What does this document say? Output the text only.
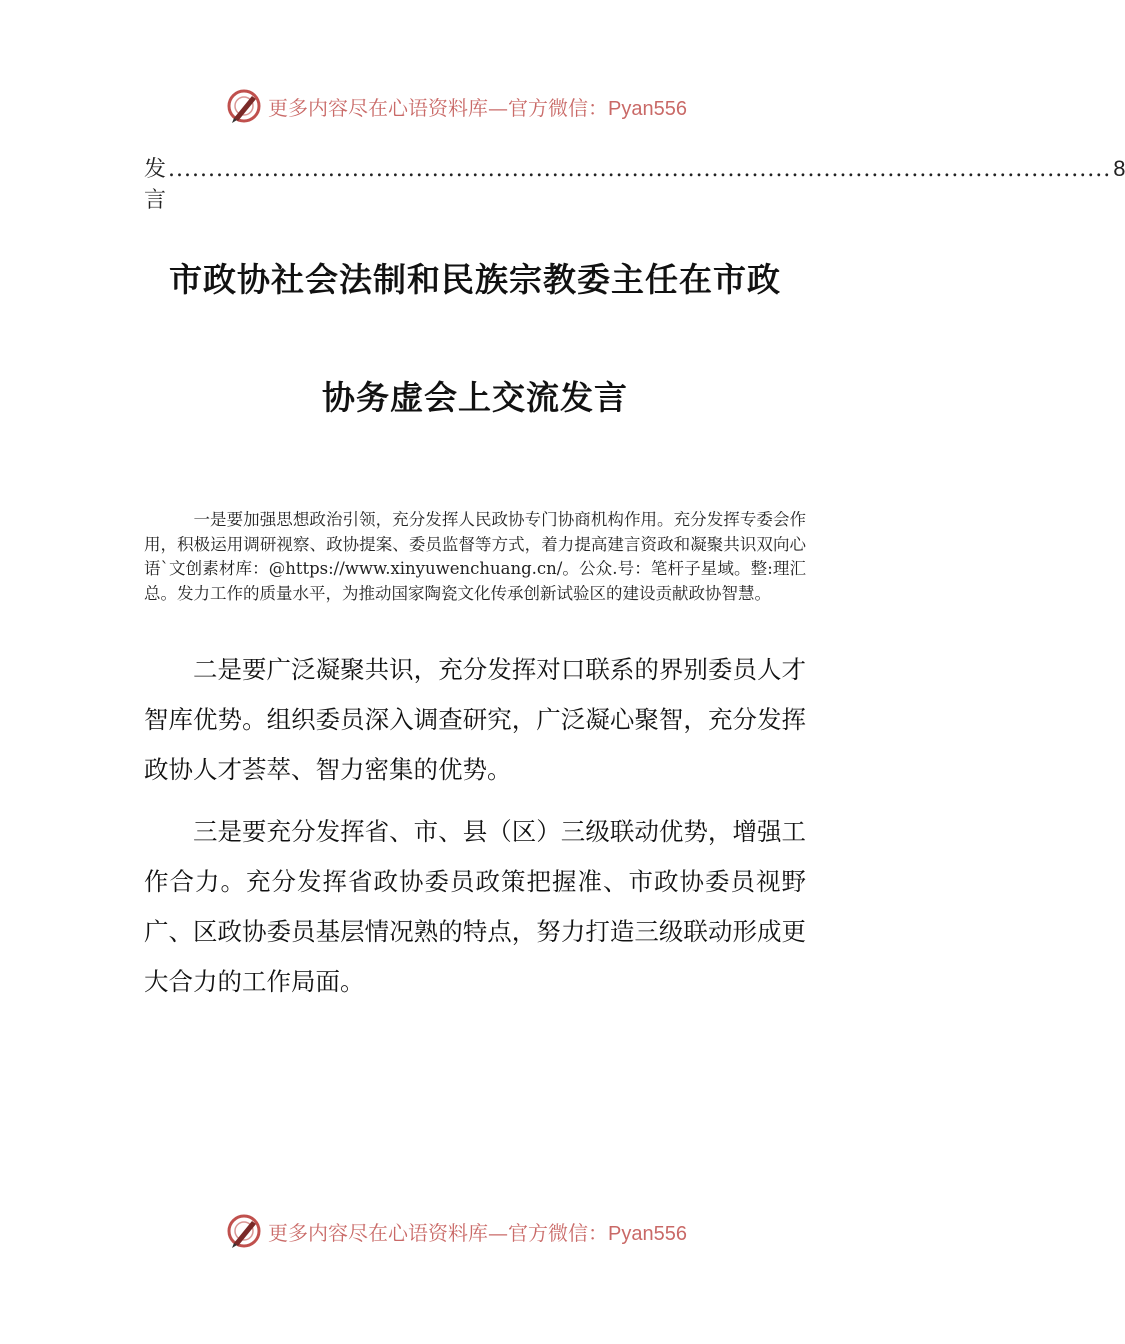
更多内容尽在心语资料库—官方微信：Pyan556
发言
...................................................................................................................... 8
市政协社会法制和民族宗教委主任在市政
协务虚会上交流发言

一是要加强思想政治引领，充分发挥人民政协专门协商机构作用。充分发挥专委会作用，积极运用调研视察、政协提案、委员监督等方式，着力提高建言资政和凝聚共识双向心语`文创素材库：@https://www.xinyuwenchuang.cn/。公众.号：笔杆子星域。整:理汇总。发力工作的质量水平，为推动国家陶瓷文化传承创新试验区的建设贡献政协智慧。

二是要广泛凝聚共识，充分发挥对口联系的界别委员人才智库优势。组织委员深入调查研究，广泛凝心聚智，充分发挥政协人才荟萃、智力密集的优势。

三是要充分发挥省、市、县（区）三级联动优势，增强工作合力。充分发挥省政协委员政策把握准、市政协委员视野广、区政协委员基层情况熟的特点，努力打造三级联动形成更大合力的工作局面。

更多内容尽在心语资料库—官方微信：Pyan556
